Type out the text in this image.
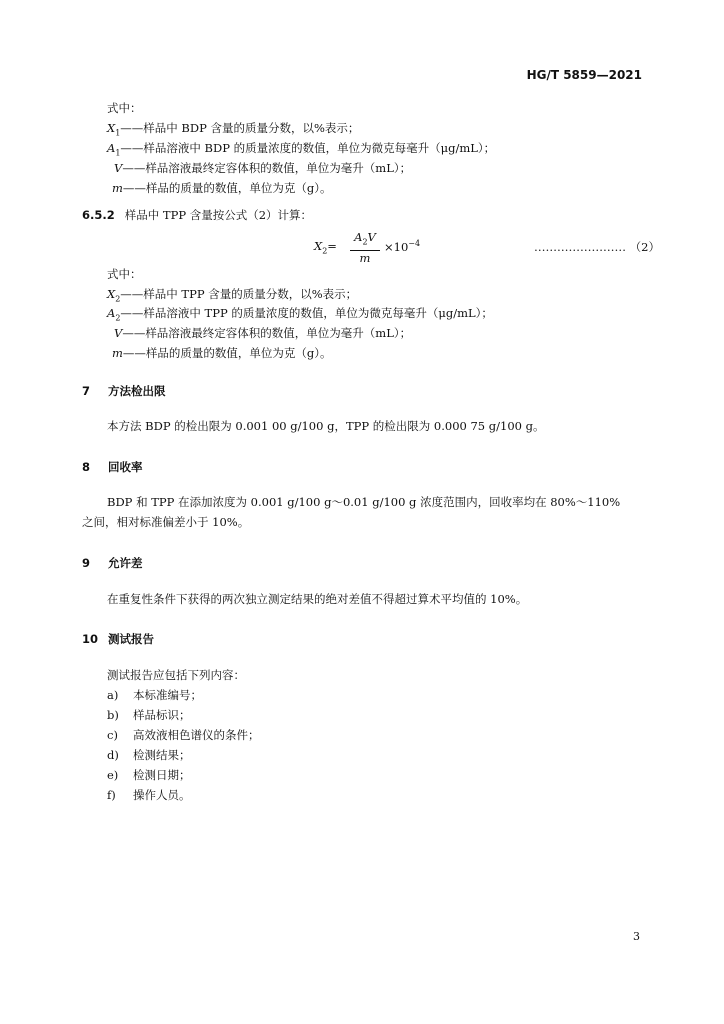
HG/T 5859—2021
式中：
$X_1——$样品中 BDP 含量的质量分数，以%表示；
$A_1——$样品溶液中 BDP 的质量浓度的数值，单位为微克每毫升（μg/mL）；
V——样品溶液最终定容体积的数值，单位为毫升（mL）；
m——样品的质量的数值，单位为克（g）。
6.5.2 样品中 TPP 含量按公式（2）计算：
$X_2= \frac{A_2V}{m} \times 10^{-4}$	…………………… （2）
式中：
$X_2——$样品中 TPP 含量的质量分数，以%表示；
$A_2——$样品溶液中 TPP 的质量浓度的数值，单位为微克每毫升（μg/mL）；
V——样品溶液最终定容体积的数值，单位为毫升（mL）；
m——样品的质量的数值，单位为克（g）。
7 方法检出限
本方法 BDP 的检出限为 0.001 00 g/100 g，TPP 的检出限为 0.000 75 g/100 g。
8 回收率
BDP 和 TPP 在添加浓度为 0.001 g/100 g～0.01 g/100 g 浓度范围内，回收率均在 80%～110%
之间，相对标准偏差小于 10%。
9 允许差
在重复性条件下获得的两次独立测定结果的绝对差值不得超过算术平均值的 10%。
10 测试报告
测试报告应包括下列内容：
a) 本标准编号；
b) 样品标识；
c) 高效液相色谱仪的条件；
d) 检测结果；
e) 检测日期；
f) 操作人员。
3
